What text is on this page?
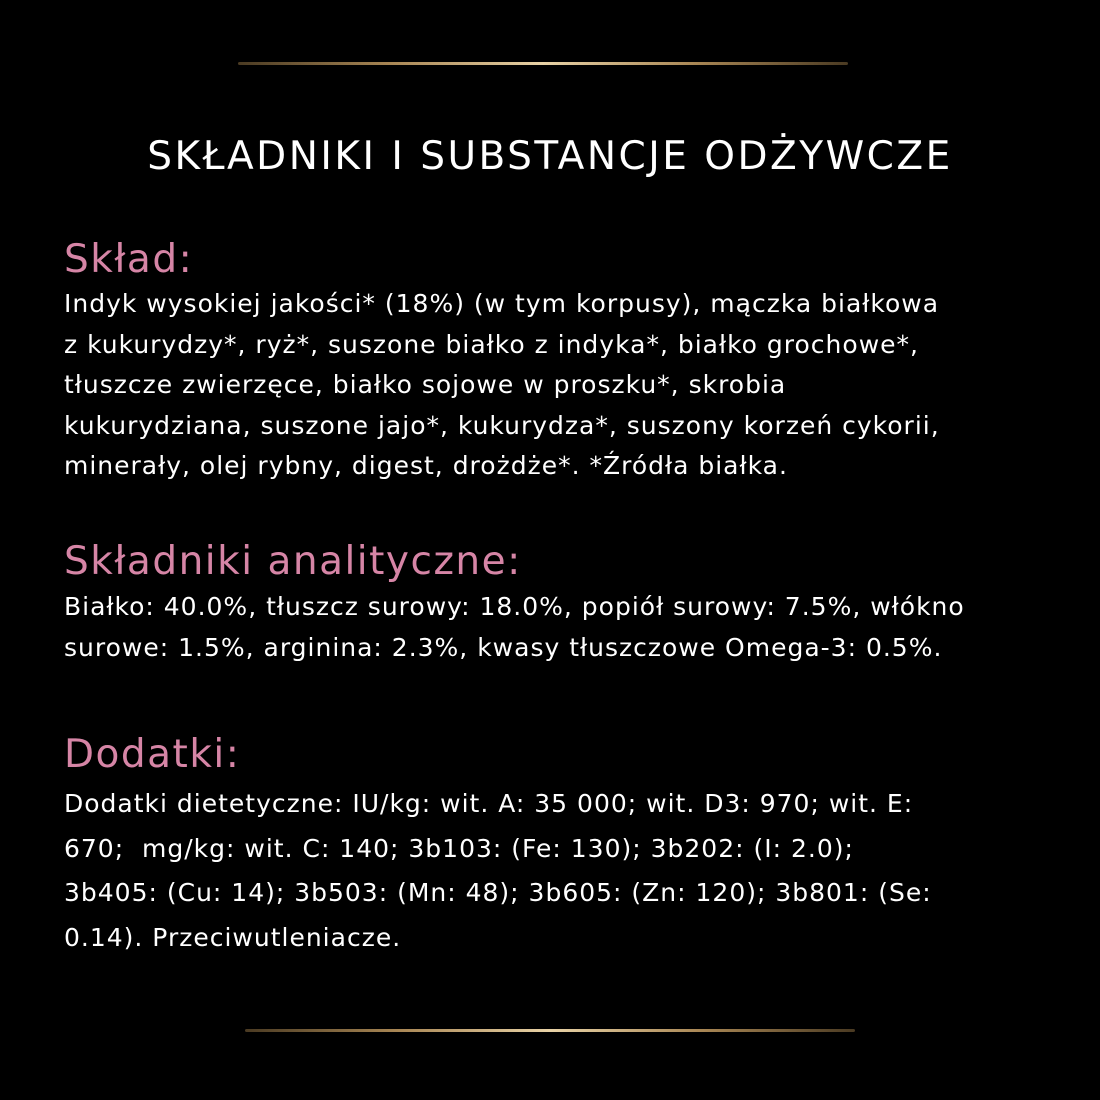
SKŁADNIKI I SUBSTANCJE ODŻYWCZE
Skład:
Indyk wysokiej jakości* (18%) (w tym korpusy), mączka białkowa
z kukurydzy*, ryż*, suszone białko z indyka*, białko grochowe*,
tłuszcze zwierzęce, białko sojowe w proszku*, skrobia
kukurydziana, suszone jajo*, kukurydza*, suszony korzeń cykorii,
minerały, olej rybny, digest, drożdże*. *Źródła białka.
Składniki analityczne:
Białko: 40.0%, tłuszcz surowy: 18.0%, popiół surowy: 7.5%, włókno
surowe: 1.5%, arginina: 2.3%, kwasy tłuszczowe Omega-3: 0.5%.
Dodatki:
Dodatki dietetyczne: IU/kg: wit. A: 35 000; wit. D3: 970; wit. E:
670;  mg/kg: wit. C: 140; 3b103: (Fe: 130); 3b202: (I: 2.0);
3b405: (Cu: 14); 3b503: (Mn: 48); 3b605: (Zn: 120); 3b801: (Se:
0.14). Przeciwutleniacze.
